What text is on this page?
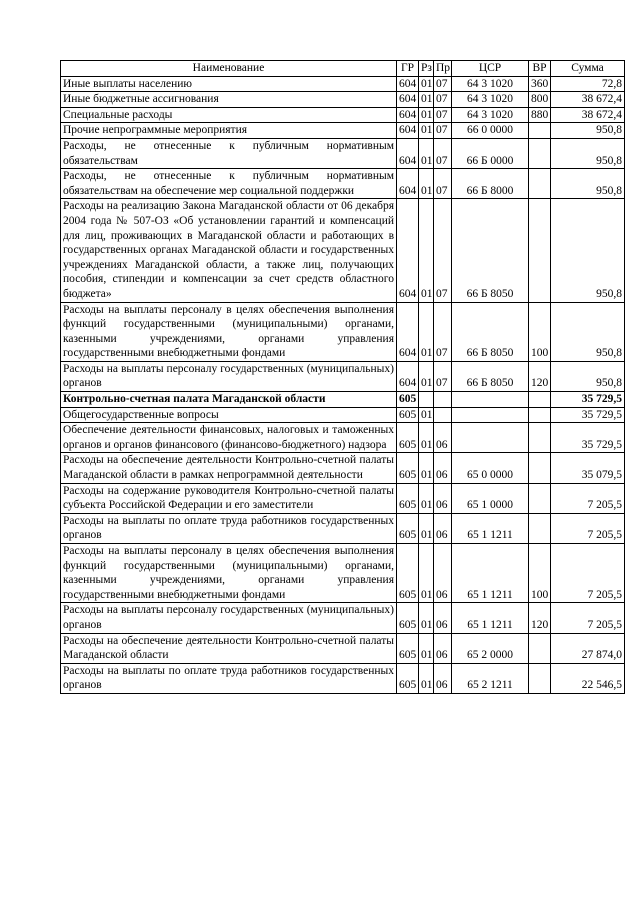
Наименование	ГР	Рз	Пр	ЦСР	ВР	Сумма
Иные выплаты населению	604	01	07	64 3 1020	360	72,8
Иные бюджетные ассигнования	604	01	07	64 3 1020	800	38 672,4
Специальные расходы	604	01	07	64 3 1020	880	38 672,4
Прочие непрограммные мероприятия	604	01	07	66 0 0000		950,8
Расходы, не отнесенные к публичным нормативным обязательствам	604	01	07	66 Б 0000		950,8
Расходы, не отнесенные к публичным нормативным обязательствам на обеспечение мер социальной поддержки	604	01	07	66 Б 8000		950,8
Расходы на реализацию Закона Магаданской области от 06 декабря 2004 года № 507-ОЗ «Об установлении гарантий и компенсаций для лиц, проживающих в Магаданской области и работающих в государственных органах Магаданской области и государственных учреждениях Магаданской области, а также лиц, получающих пособия, стипендии и компенсации за счет средств областного бюджета»	604	01	07	66 Б 8050		950,8
Расходы на выплаты персоналу в целях обеспечения выполнения функций государственными (муниципальными) органами, казенными учреждениями, органами управления государственными внебюджетными фондами	604	01	07	66 Б 8050	100	950,8
Расходы на выплаты персоналу государственных (муниципальных) органов	604	01	07	66 Б 8050	120	950,8
Контрольно-счетная палата Магаданской области	605					35 729,5
Общегосударственные вопросы	605	01				35 729,5
Обеспечение деятельности финансовых, налоговых и таможенных органов и органов финансового (финансово-бюджетного) надзора	605	01	06			35 729,5
Расходы на обеспечение деятельности Контрольно-счетной палаты Магаданской области в рамках непрограммной деятельности	605	01	06	65 0 0000		35 079,5
Расходы на содержание руководителя Контрольно-счетной палаты субъекта Российской Федерации и его заместители	605	01	06	65 1 0000		7 205,5
Расходы на выплаты по оплате труда работников государственных органов	605	01	06	65 1 1211		7 205,5
Расходы на выплаты персоналу в целях обеспечения выполнения функций государственными (муниципальными) органами, казенными учреждениями, органами управления государственными внебюджетными фондами	605	01	06	65 1 1211	100	7 205,5
Расходы на выплаты персоналу государственных (муниципальных) органов	605	01	06	65 1 1211	120	7 205,5
Расходы на обеспечение деятельности Контрольно-счетной палаты Магаданской области	605	01	06	65 2 0000		27 874,0
Расходы на выплаты по оплате труда работников государственных органов	605	01	06	65 2 1211		22 546,5
